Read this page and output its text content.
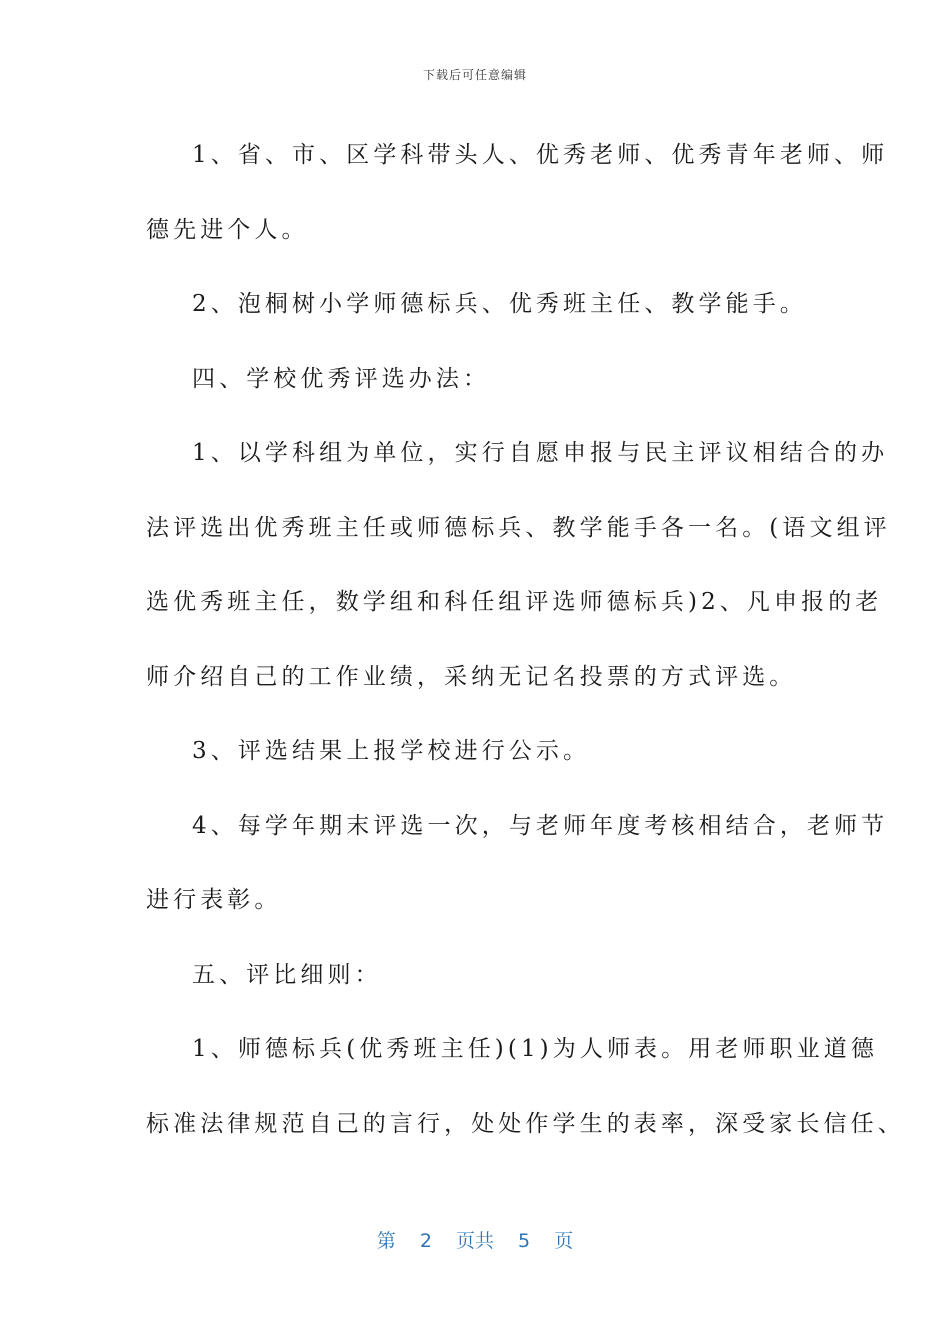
下载后可任意编辑
1、省、市、区学科带头人、优秀老师、优秀青年老师、师
德先进个人。
2、泡桐树小学师德标兵、优秀班主任、教学能手。
四、学校优秀评选办法：
1、以学科组为单位，实行自愿申报与民主评议相结合的办
法评选出优秀班主任或师德标兵、教学能手各一名。(语文组评
选优秀班主任，数学组和科任组评选师德标兵)2、凡申报的老
师介绍自己的工作业绩，采纳无记名投票的方式评选。
3、评选结果上报学校进行公示。
4、每学年期末评选一次，与老师年度考核相结合，老师节
进行表彰。
五、评比细则：
1、师德标兵(优秀班主任)(1)为人师表。用老师职业道德
标准法律规范自己的言行，处处作学生的表率，深受家长信任、
第 2 页共 5 页
